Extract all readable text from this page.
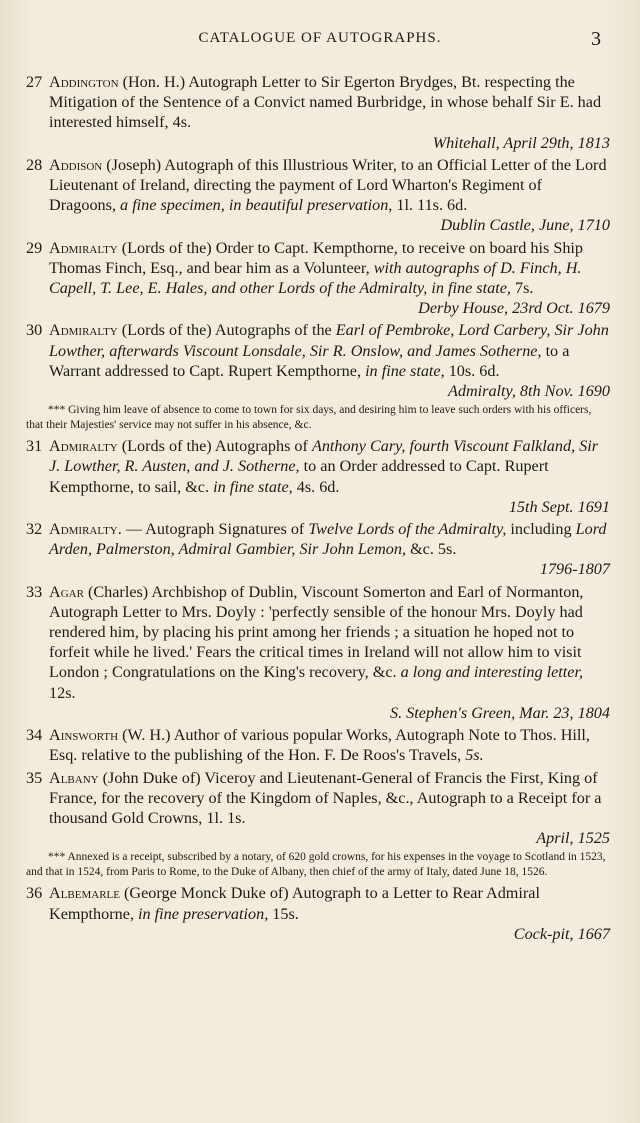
CATALOGUE OF AUTOGRAPHS.	3
27 Addington (Hon. H.) Autograph Letter to Sir Egerton Brydges, Bt. respecting the Mitigation of the Sentence of a Convict named Burbridge, in whose behalf Sir E. had interested himself, 4s.
Whitehall, April 29th, 1813
28 Addison (Joseph) Autograph of this Illustrious Writer, to an Official Letter of the Lord Lieutenant of Ireland, directing the payment of Lord Wharton's Regiment of Dragoons, a fine specimen, in beautiful preservation, 1l. 11s. 6d.
Dublin Castle, June, 1710
29 Admiralty (Lords of the) Order to Capt. Kempthorne, to receive on board his Ship Thomas Finch, Esq., and bear him as a Volunteer, with autographs of D. Finch, H. Capell, T. Lee, E. Hales, and other Lords of the Admiralty, in fine state, 7s.
Derby House, 23rd Oct. 1679
30 Admiralty (Lords of the) Autographs of the Earl of Pembroke, Lord Carbery, Sir John Lowther, afterwards Viscount Lonsdale, Sir R. Onslow, and James Sotherne, to a Warrant addressed to Capt. Rupert Kempthorne, in fine state, 10s. 6d.
Admiralty, 8th Nov. 1690
*** Giving him leave of absence to come to town for six days, and desiring him to leave such orders with his officers, that their Majesties' service may not suffer in his absence, &c.
31 Admiralty (Lords of the) Autographs of Anthony Cary, fourth Viscount Falkland, Sir J. Lowther, R. Austen, and J. Sotherne, to an Order addressed to Capt. Rupert Kempthorne, to sail, &c. in fine state, 4s. 6d.
15th Sept. 1691
32 Admiralty. — Autograph Signatures of Twelve Lords of the Admiralty, including Lord Arden, Palmerston, Admiral Gambier, Sir John Lemon, &c. 5s.
1796-1807
33 Agar (Charles) Archbishop of Dublin, Viscount Somerton and Earl of Normanton, Autograph Letter to Mrs. Doyly : 'perfectly sensible of the honour Mrs. Doyly had rendered him, by placing his print among her friends ; a situation he hoped not to forfeit while he lived.' Fears the critical times in Ireland will not allow him to visit London ; Congratulations on the King's recovery, &c. a long and interesting letter, 12s.
S. Stephen's Green, Mar. 23, 1804
34 Ainsworth (W. H.) Author of various popular Works, Autograph Note to Thos. Hill, Esq. relative to the publishing of the Hon. F. De Roos's Travels, 5s.
35 Albany (John Duke of) Viceroy and Lieutenant-General of Francis the First, King of France, for the recovery of the Kingdom of Naples, &c., Autograph to a Receipt for a thousand Gold Crowns, 1l. 1s.
April, 1525
*** Annexed is a receipt, subscribed by a notary, of 620 gold crowns, for his expenses in the voyage to Scotland in 1523, and that in 1524, from Paris to Rome, to the Duke of Albany, then chief of the army of Italy, dated June 18, 1526.
36 Albemarle (George Monck Duke of) Autograph to a Letter to Rear Admiral Kempthorne, in fine preservation, 15s.
Cock-pit, 1667
